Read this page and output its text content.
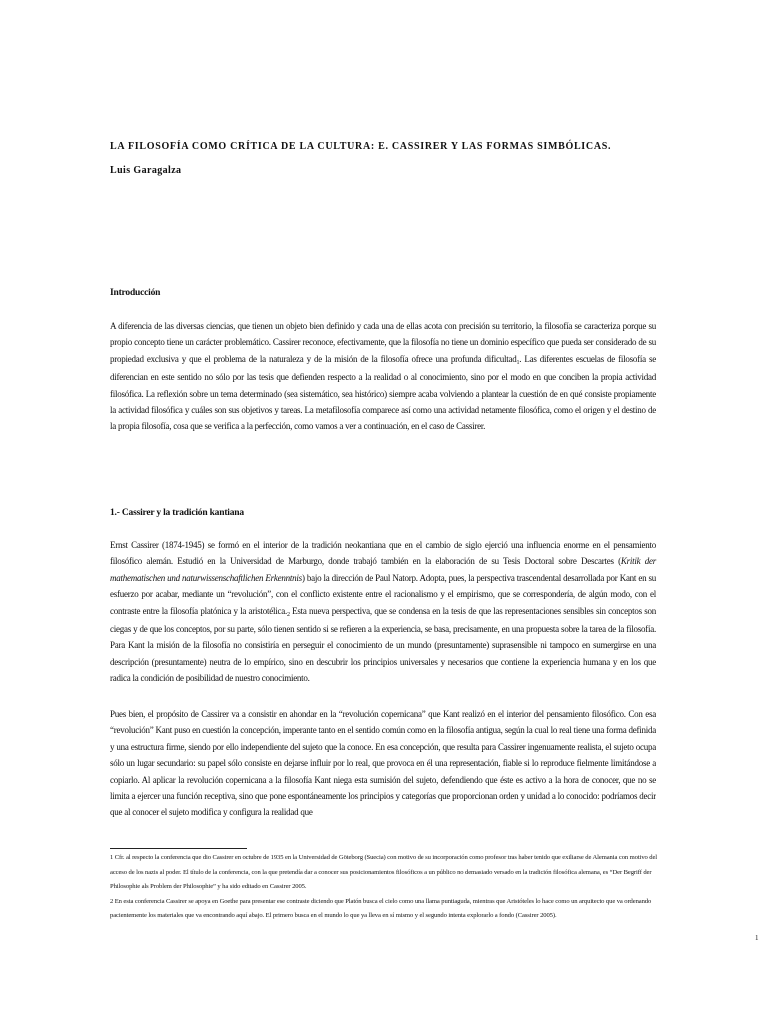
LA FILOSOFÍA COMO CRÍTICA DE LA CULTURA: E. CASSIRER Y LAS FORMAS SIMBÓLICAS.
Luis Garagalza
Introducción

A diferencia de las diversas ciencias, que tienen un objeto bien definido y cada una de ellas acota con precisión su territorio, la filosofía se caracteriza porque su propio concepto tiene un carácter problemático. Cassirer reconoce, efectivamente, que la filosofía no tiene un dominio específico que pueda ser considerado de su propiedad exclusiva y que el problema de la naturaleza y de la misión de la filosofía ofrece una profunda dificultad$^1$. Las diferentes escuelas de filosofía se diferencian en este sentido no sólo por las tesis que defienden respecto a la realidad o al conocimiento, sino por el modo en que conciben la propia actividad filosófica. La reflexión sobre un tema determinado (sea sistemático, sea histórico) siempre acaba volviendo a plantear la cuestión de en qué consiste propiamente la actividad filosófica y cuáles son sus objetivos y tareas. La metafilosofía comparece así como una actividad netamente filosófica, como el origen y el destino de la propia filosofía, cosa que se verifica a la perfección, como vamos a ver a continuación, en el caso de Cassirer.

1.- Cassirer y la tradición kantiana

Ernst Cassirer (1874-1945) se formó en el interior de la tradición neokantiana que en el cambio de siglo ejerció una influencia enorme en el pensamiento filosófico alemán. Estudió en la Universidad de Marburgo, donde trabajó también en la elaboración de su Tesis Doctoral sobre Descartes (Kritik der mathematischen und naturwissenschaftlichen Erkenntnis) bajo la dirección de Paul Natorp. Adopta, pues, la perspectiva trascendental desarrollada por Kant en su esfuerzo por acabar, mediante un “revolución”, con el conflicto existente entre el racionalismo y el empirismo, que se correspondería, de algún modo, con el contraste entre la filosofía platónica y la aristotélica.$^2$ Esta nueva perspectiva, que se condensa en la tesis de que las representaciones sensibles sin conceptos son ciegas y de que los conceptos, por su parte, sólo tienen sentido si se refieren a la experiencia, se basa, precisamente, en una propuesta sobre la tarea de la filosofía. Para Kant la misión de la filosofía no consistiría en perseguir el conocimiento de un mundo (presuntamente) suprasensible ni tampoco en sumergirse en una descripción (presuntamente) neutra de lo empírico, sino en descubrir los principios universales y necesarios que contiene la experiencia humana y en los que radica la condición de posibilidad de nuestro conocimiento.

Pues bien, el propósito de Cassirer va a consistir en ahondar en la “revolución copernicana” que Kant realizó en el interior del pensamiento filosófico. Con esa “revolución” Kant puso en cuestión la concepción, imperante tanto en el sentido común como en la filosofía antigua, según la cual lo real tiene una forma definida y una estructura firme, siendo por ello independiente del sujeto que la conoce. En esa concepción, que resulta para Cassirer ingenuamente realista, el sujeto ocupa sólo un lugar secundario: su papel sólo consiste en dejarse influir por lo real, que provoca en él una representación, fiable si lo reproduce fielmente limitándose a copiarlo. Al aplicar la revolución copernicana a la filosofía Kant niega esta sumisión del sujeto, defendiendo que éste es activo a la hora de conocer, que no se limita a ejercer una función receptiva, sino que pone espontáneamente los principios y categorías que proporcionan orden y unidad a lo conocido: podríamos decir que al conocer el sujeto modifica y configura la realidad que

1 Cfr. al respecto la conferencia que dio Cassirer en octubre de 1935 en la Universidad de Göteborg (Suecia) con motivo de su incorporación como profesor tras haber tenido que exiliarse de Alemania con motivo del acceso de los nazis al poder. El título de la conferencia, con la que pretendía dar a conocer sus posicionamientos filosóficos a un público no demasiado versado en la tradición filosófica alemana, es “Der Begriff der Philosophie als Problem der Philosophie” y ha sido editado en Cassirer 2005.

2 En esta conferencia Cassirer se apoya en Goethe para presentar ese contraste diciendo que Platón busca el cielo como una llama puntiaguda, mientras que Aristóteles lo hace como un arquitecto que va ordenando pacientemente los materiales que va encontrando aquí abajo. El primero busca en el mundo lo que ya lleva en sí mismo y el segundo intenta explorarlo a fondo (Cassirer 2005).

1
